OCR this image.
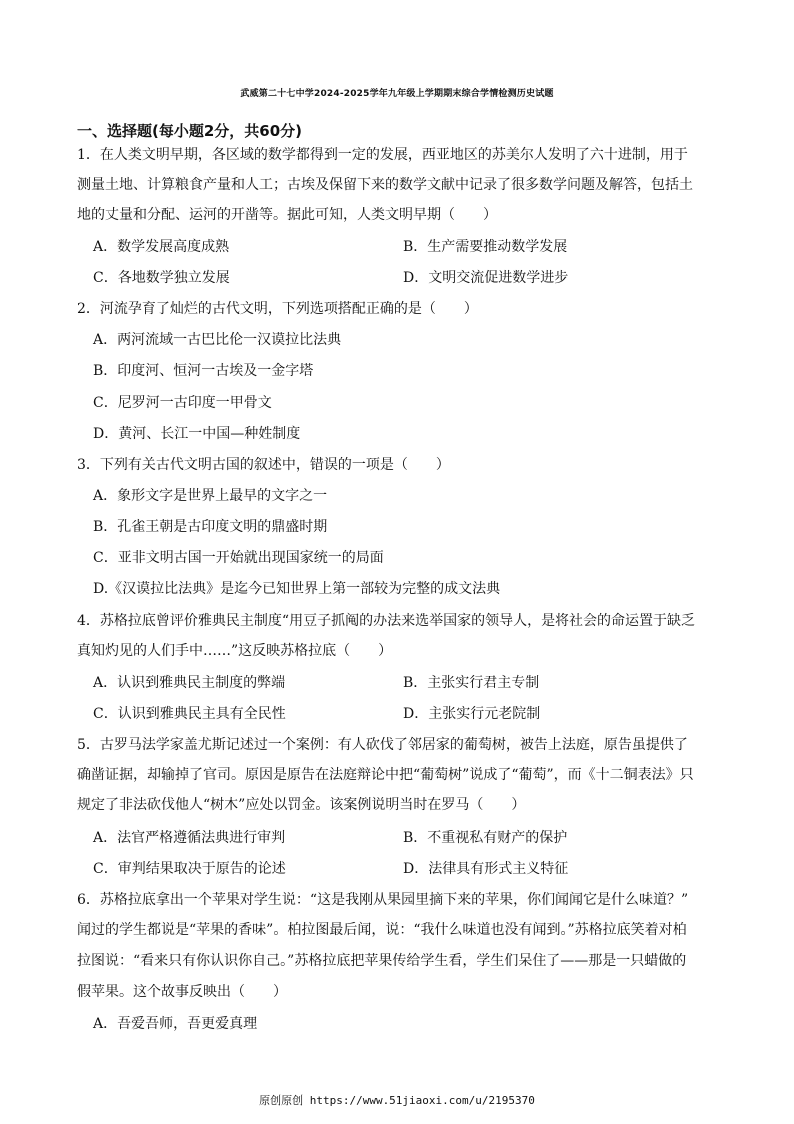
武威第二十七中学2024-2025学年九年级上学期期末综合学情检测历史试题
一、选择题(每小题2分，共60分)
1．在人类文明早期，各区域的数学都得到一定的发展，西亚地区的苏美尔人发明了六十进制，用于
测量土地、计算粮食产量和人工；古埃及保留下来的数学文献中记录了很多数学问题及解答，包括土
地的丈量和分配、运河的开凿等。据此可知，人类文明早期（　　）
A．数学发展高度成熟	B．生产需要推动数学发展
C．各地数学独立发展	D．文明交流促进数学进步
2．河流孕育了灿烂的古代文明，下列选项搭配正确的是（　　）
A．两河流域一古巴比伦一汉谟拉比法典
B．印度河、恒河一古埃及一金字塔
C．尼罗河一古印度一甲骨文
D．黄河、长江一中国—种姓制度
3．下列有关古代文明古国的叙述中，错误的一项是（　　）
A．象形文字是世界上最早的文字之一
B．孔雀王朝是古印度文明的鼎盛时期
C．亚非文明古国一开始就出现国家统一的局面
D.《汉谟拉比法典》是迄今已知世界上第一部较为完整的成文法典
4．苏格拉底曾评价雅典民主制度“用豆子抓阄的办法来选举国家的领导人，是将社会的命运置于缺乏
真知灼见的人们手中……”这反映苏格拉底（　　）
A．认识到雅典民主制度的弊端	B．主张实行君主专制
C．认识到雅典民主具有全民性	D．主张实行元老院制
5．古罗马法学家盖尤斯记述过一个案例：有人砍伐了邻居家的葡萄树，被告上法庭，原告虽提供了
确凿证据，却输掉了官司。原因是原告在法庭辩论中把“葡萄树”说成了“葡萄”，而《十二铜表法》只
规定了非法砍伐他人“树木”应处以罚金。该案例说明当时在罗马（　　）
A．法官严格遵循法典进行审判	B．不重视私有财产的保护
C．审判结果取决于原告的论述	D．法律具有形式主义特征
6．苏格拉底拿出一个苹果对学生说：“这是我刚从果园里摘下来的苹果，你们闻闻它是什么味道？”
闻过的学生都说是“苹果的香味”。柏拉图最后闻，说：“我什么味道也没有闻到。”苏格拉底笑着对柏
拉图说：“看来只有你认识你自己。”苏格拉底把苹果传给学生看，学生们呆住了——那是一只蜡做的
假苹果。这个故事反映出（　　）
A．吾爱吾师，吾更爱真理
原创原创 https://www.51jiaoxi.com/u/2195370
